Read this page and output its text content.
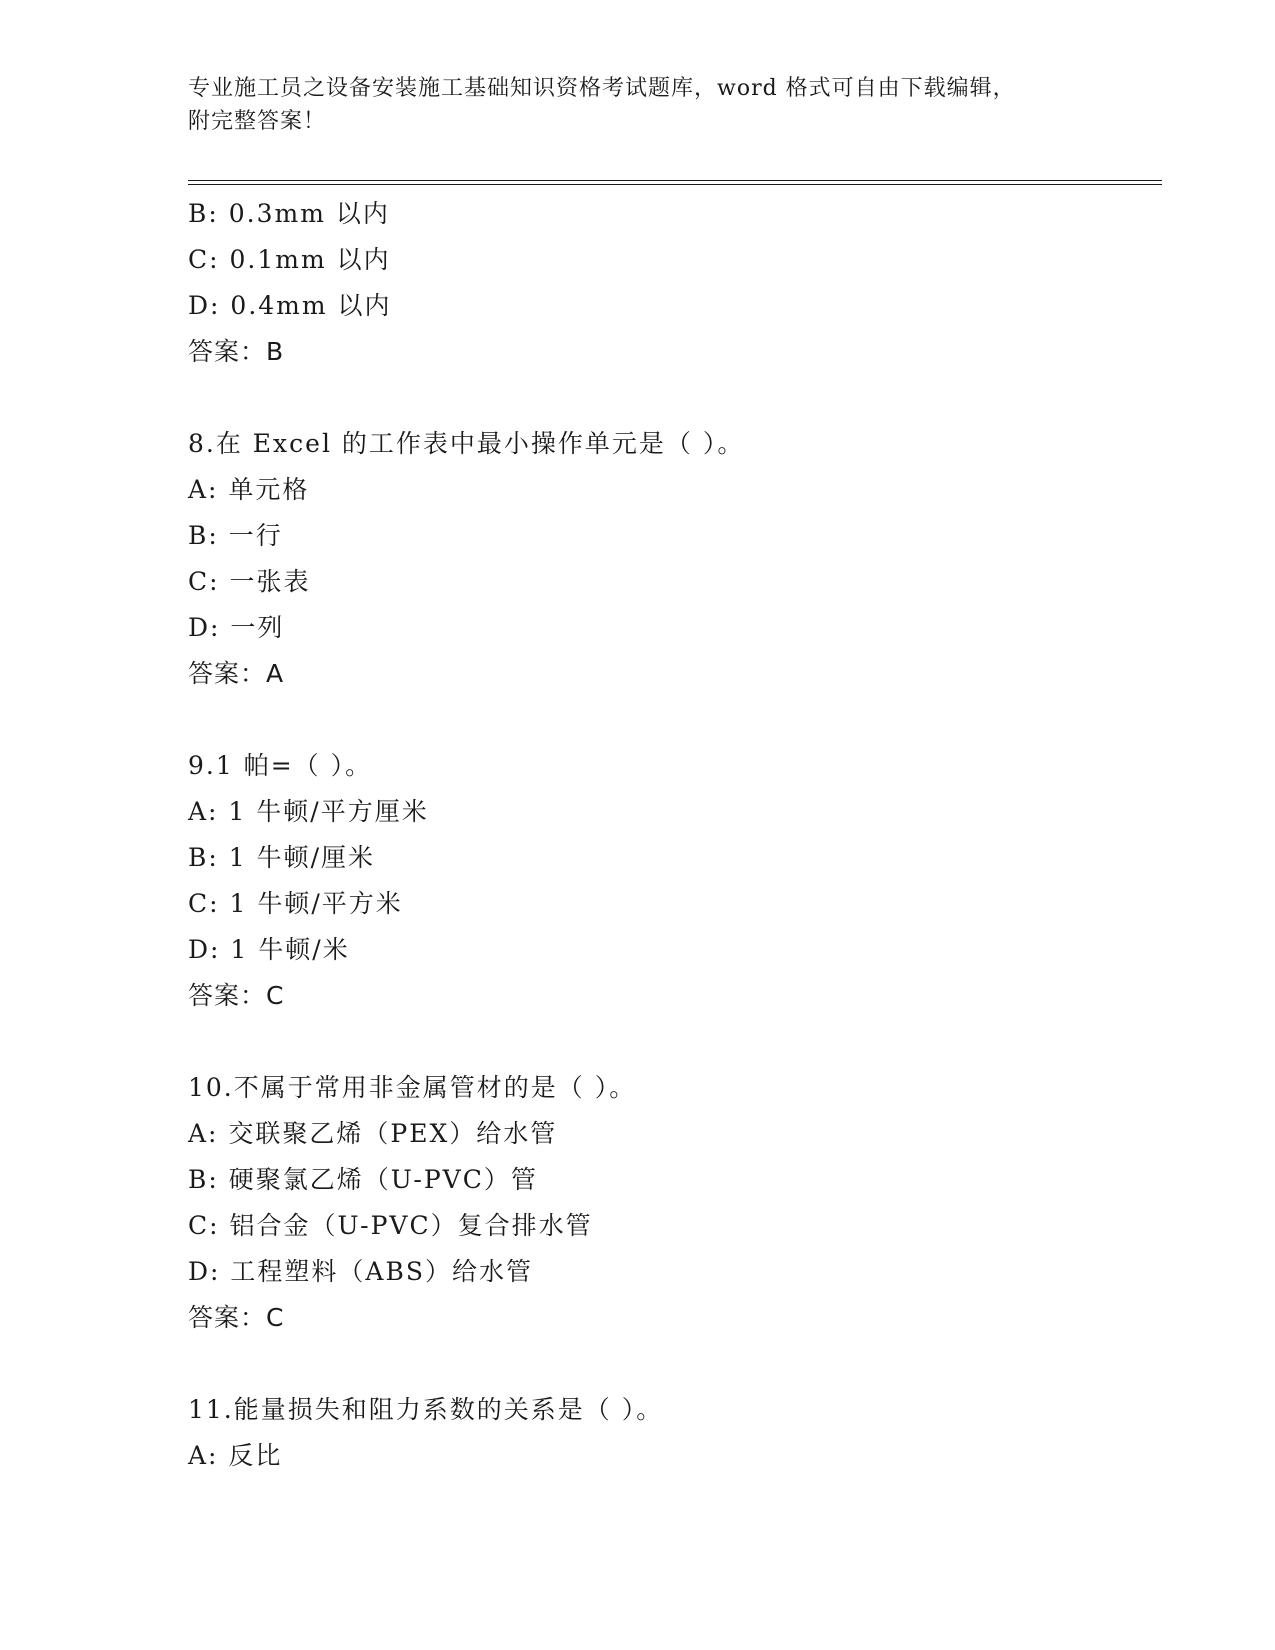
专业施工员之设备安装施工基础知识资格考试题库，word 格式可自由下载编辑，
附完整答案！
B: 0.3mm 以内
C: 0.1mm 以内
D: 0.4mm 以内
答案：B
8.在 Excel 的工作表中最小操作单元是（ ）。
A: 单元格
B: 一行
C: 一张表
D: 一列
答案：A
9.1 帕=（ ）。
A: 1 牛顿/平方厘米
B: 1 牛顿/厘米
C: 1 牛顿/平方米
D: 1 牛顿/米
答案：C
10.不属于常用非金属管材的是（ ）。
A: 交联聚乙烯（PEX）给水管
B: 硬聚氯乙烯（U-PVC）管
C: 铝合金（U-PVC）复合排水管
D: 工程塑料（ABS）给水管
答案：C
11.能量损失和阻力系数的关系是（ ）。
A: 反比
